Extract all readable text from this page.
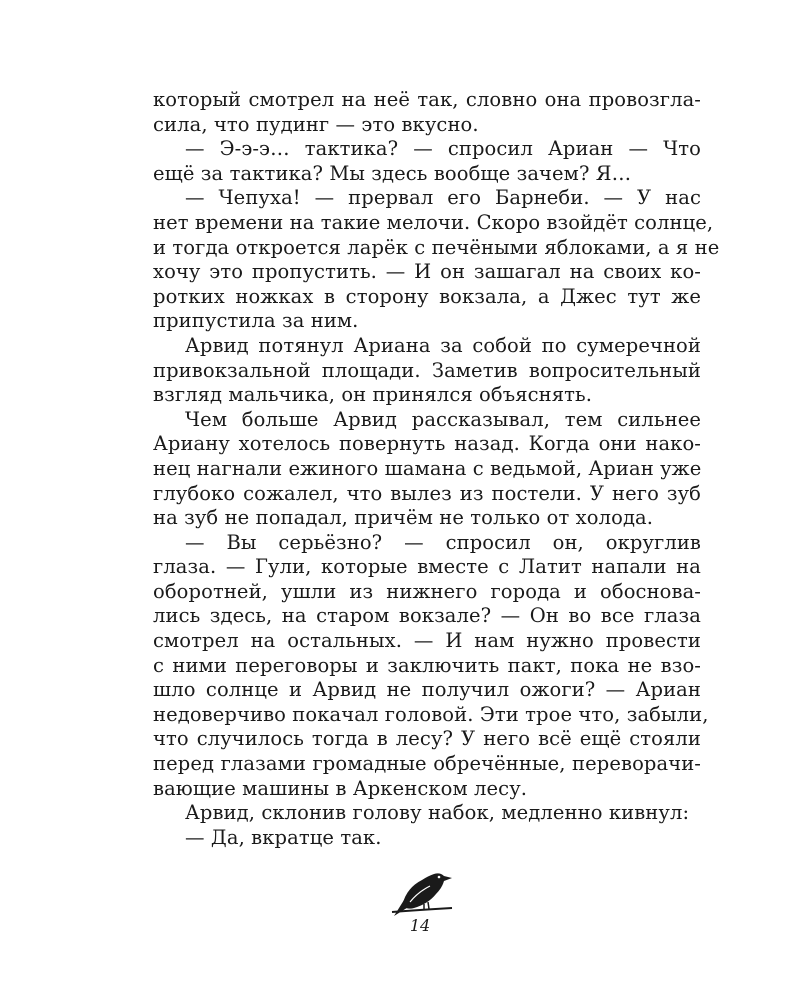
который смотрел на неё так, словно она провозгла-
сила, что пудинг — это вкусно.
— Э-э-э… тактика? — спросил Ариан — Что
ещё за тактика? Мы здесь вообще зачем? Я…
— Чепуха! — прервал его Барнеби. — У нас
нет времени на такие мелочи. Скоро взойдёт солнце,
и тогда откроется ларёк с печёными яблоками, а я не
хочу это пропустить. — И он зашагал на своих ко-
ротких ножках в сторону вокзала, а Джес тут же
припустила за ним.
Арвид потянул Ариана за собой по сумеречной
привокзальной площади. Заметив вопросительный
взгляд мальчика, он принялся объяснять.
Чем больше Арвид рассказывал, тем сильнее
Ариану хотелось повернуть назад. Когда они нако-
нец нагнали ежиного шамана с ведьмой, Ариан уже
глубоко сожалел, что вылез из постели. У него зуб
на зуб не попадал, причём не только от холода.
— Вы серьёзно? — спросил он, округлив
глаза. — Гули, которые вместе с Латит напали на
оборотней, ушли из нижнего города и обоснова-
лись здесь, на старом вокзале? — Он во все глаза
смотрел на остальных. — И нам нужно провести
с ними переговоры и заключить пакт, пока не взо-
шло солнце и Арвид не получил ожоги? — Ариан
недоверчиво покачал головой. Эти трое что, забыли,
что случилось тогда в лесу? У него всё ещё стояли
перед глазами громадные обречённые, переворачи-
вающие машины в Аркенском лесу.
Арвид, склонив голову набок, медленно кивнул:
— Да, вкратце так.
14
